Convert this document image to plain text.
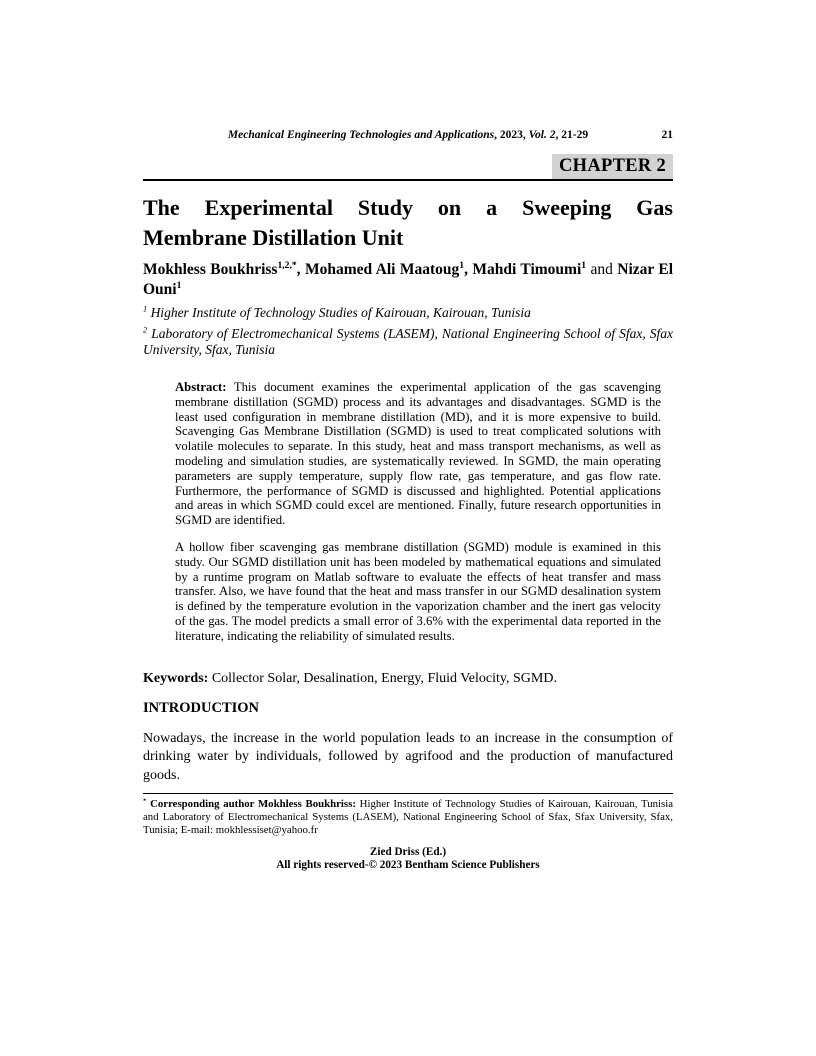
Mechanical Engineering Technologies and Applications, 2023, Vol. 2, 21-29	21
CHAPTER 2
The Experimental Study on a Sweeping Gas
Membrane Distillation Unit

Mokhless Boukhriss$^{1,2,*}$, Mohamed Ali Maatoug$^1$, Mahdi Timoumi$^1$ and Nizar El Ouni$^1$

$^1$ Higher Institute of Technology Studies of Kairouan, Kairouan, Tunisia

$^2$ Laboratory of Electromechanical Systems (LASEM), National Engineering School of Sfax, Sfax University, Sfax, Tunisia

Abstract: This document examines the experimental application of the gas scavenging membrane distillation (SGMD) process and its advantages and disadvantages. SGMD is the least used configuration in membrane distillation (MD), and it is more expensive to build. Scavenging Gas Membrane Distillation (SGMD) is used to treat complicated solutions with volatile molecules to separate. In this study, heat and mass transport mechanisms, as well as modeling and simulation studies, are systematically reviewed. In SGMD, the main operating parameters are supply temperature, supply flow rate, gas temperature, and gas flow rate. Furthermore, the performance of SGMD is discussed and highlighted. Potential applications and areas in which SGMD could excel are mentioned. Finally, future research opportunities in SGMD are identified.

A hollow fiber scavenging gas membrane distillation (SGMD) module is examined in this study. Our SGMD distillation unit has been modeled by mathematical equations and simulated by a runtime program on Matlab software to evaluate the effects of heat transfer and mass transfer. Also, we have found that the heat and mass transfer in our SGMD desalination system is defined by the temperature evolution in the vaporization chamber and the inert gas velocity of the gas. The model predicts a small error of 3.6% with the experimental data reported in the literature, indicating the reliability of simulated results.

Keywords: Collector Solar, Desalination, Energy, Fluid Velocity, SGMD.

INTRODUCTION

Nowadays, the increase in the world population leads to an increase in the consumption of drinking water by individuals, followed by agrifood and the production of manufactured goods.

* Corresponding author Mokhless Boukhriss: Higher Institute of Technology Studies of Kairouan, Kairouan, Tunisia and Laboratory of Electromechanical Systems (LASEM), National Engineering School of Sfax, Sfax University, Sfax, Tunisia; E-mail: mokhlessiset@yahoo.fr

Zied Driss (Ed.)
All rights reserved-© 2023 Bentham Science Publishers
